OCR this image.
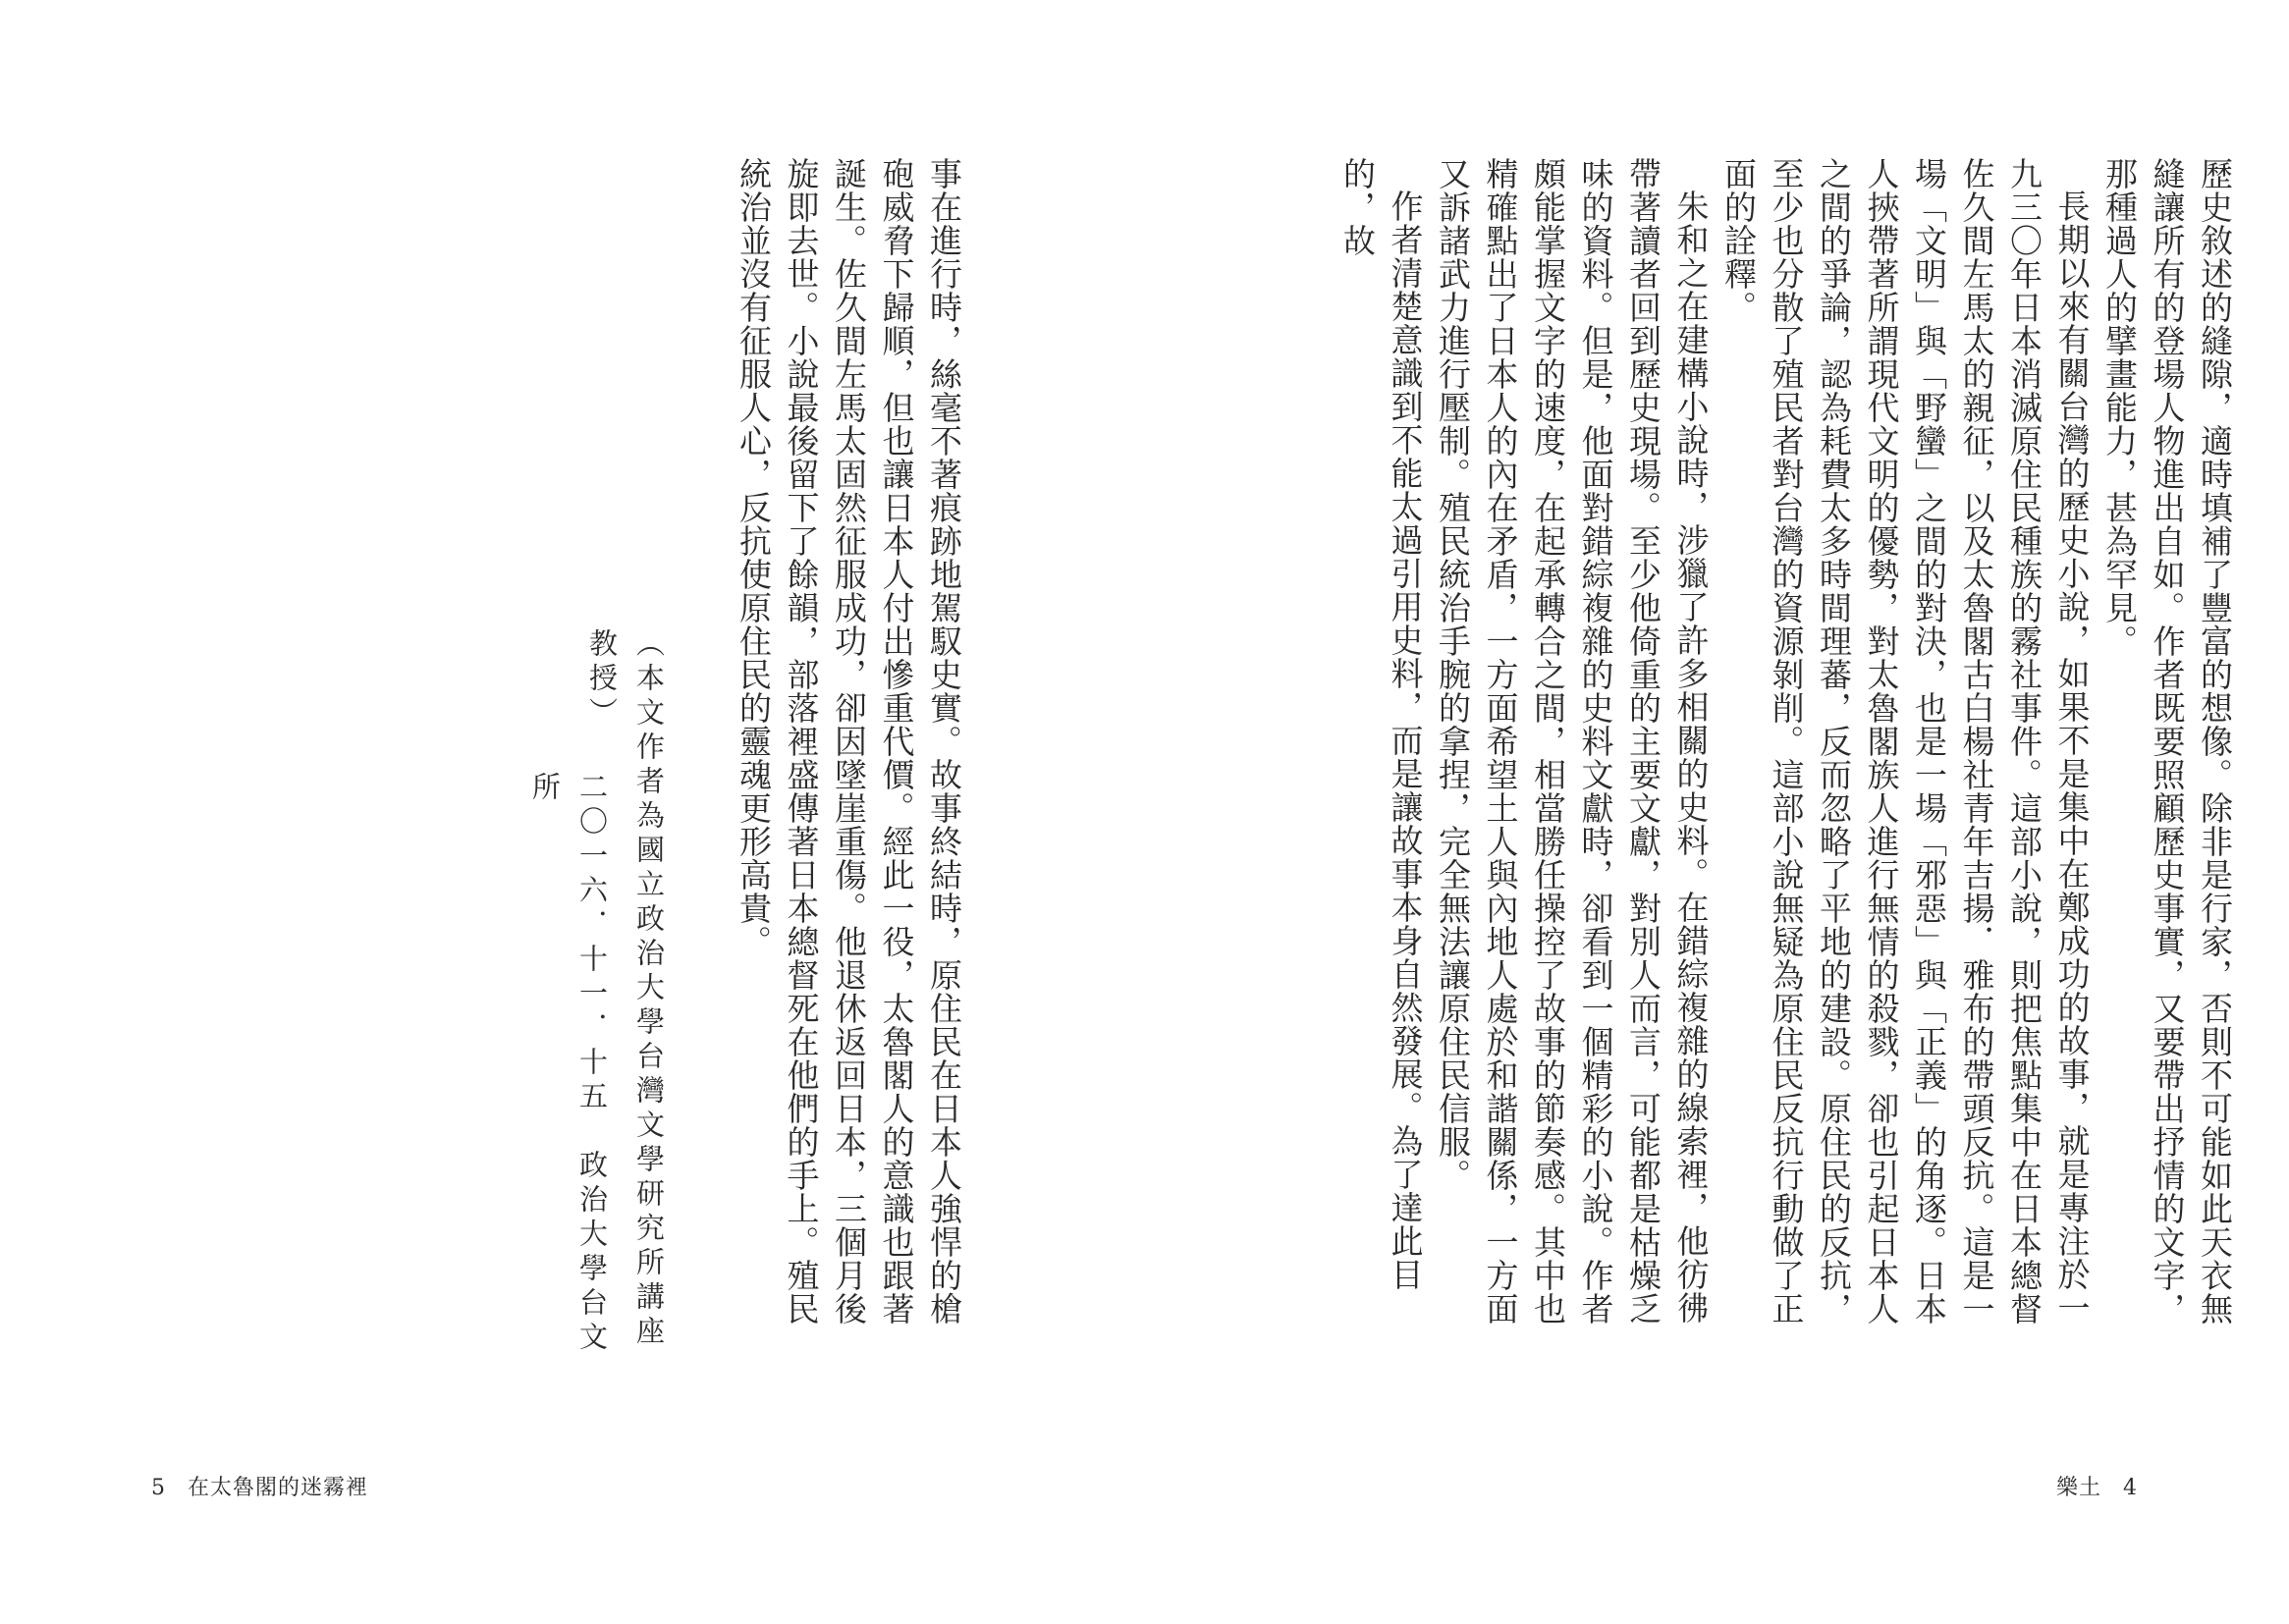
事在進行時，絲毫不著痕跡地駕馭史實。故事終結時，原住民在日本人強悍的槍砲威脅下歸順，但也讓日本人付出慘重代價。經此一役，太魯閣人的意識也跟著誕生。佐久間左馬太固然征服成功，卻因墜崖重傷。他退休返回日本，三個月後旋即去世。小說最後留下了餘韻，部落裡盛傳著日本總督死在他們的手上。殖民統治並沒有征服人心，反抗使原住民的靈魂更形高貴。

二〇一六．十一．十五　政治大學台文所	（本文作者為國立政治大學台灣文學研究所講座教授）
5 在太魯閣的迷霧裡

歷史敘述的縫隙，適時填補了豐富的想像。除非是行家，否則不可能如此天衣無縫讓所有的登場人物進出自如。作者既要照顧歷史事實，又要帶出抒情的文字，那種過人的擘畫能力，甚為罕見。

長期以來有關台灣的歷史小說，如果不是集中在鄭成功的故事，就是專注於一九三〇年日本消滅原住民種族的霧社事件。這部小說，則把焦點集中在日本總督佐久間左馬太的親征，以及太魯閣古白楊社青年吉揚．雅布的帶頭反抗。這是一場「文明」與「野蠻」之間的對決，也是一場「邪惡」與「正義」的角逐。日本人挾帶著所謂現代文明的優勢，對太魯閣族人進行無情的殺戮，卻也引起日本人之間的爭論，認為耗費太多時間理蕃，反而忽略了平地的建設。原住民的反抗，至少也分散了殖民者對台灣的資源剝削。這部小說無疑為原住民反抗行動做了正面的詮釋。

朱和之在建構小說時，涉獵了許多相關的史料。在錯綜複雜的線索裡，他彷彿帶著讀者回到歷史現場。至少他倚重的主要文獻，對別人而言，可能都是枯燥乏味的資料。但是，他面對錯綜複雜的史料文獻時，卻看到一個精彩的小說。作者頗能掌握文字的速度，在起承轉合之間，相當勝任操控了故事的節奏感。其中也精確點出了日本人的內在矛盾，一方面希望土人與內地人處於和諧關係，一方面又訴諸武力進行壓制。殖民統治手腕的拿捏，完全無法讓原住民信服。

作者清楚意識到不能太過引用史料，而是讓故事本身自然發展。為了達此目的，故

樂土 4
